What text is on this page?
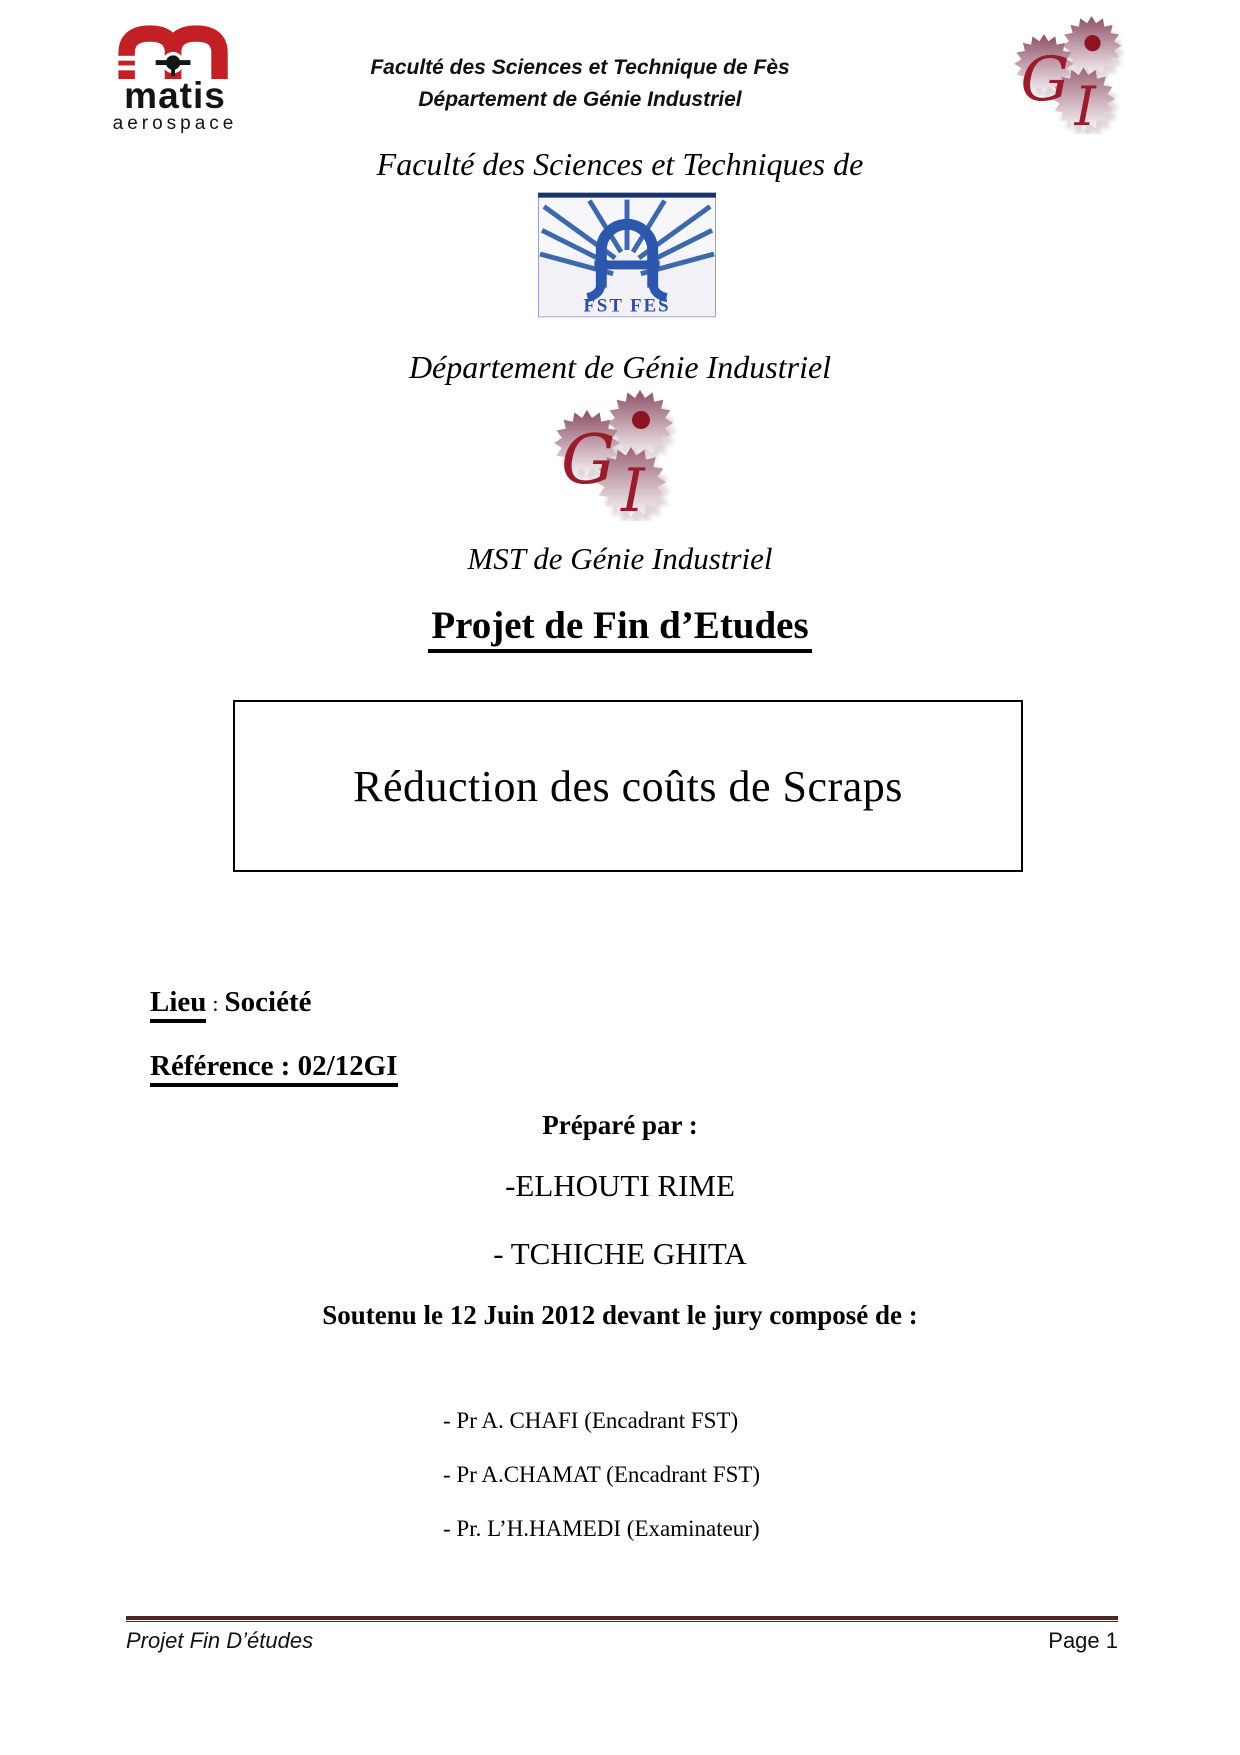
matis
aerospace
Faculté des Sciences et Technique de Fès
Département de Génie Industriel	G I
Faculté des Sciences et Techniques de
FST FES
Département de Génie Industriel
G I
MST de Génie Industriel
Projet de Fin d’Etudes
Réduction des coûts de Scraps
Lieu : Société
Référence : 02/12GI
Préparé par :
-ELHOUTI RIME
- TCHICHE GHITA
Soutenu le 12 Juin 2012 devant le jury composé de :
- Pr A. CHAFI (Encadrant FST)
- Pr A.CHAMAT (Encadrant FST)
- Pr. L’H.HAMEDI (Examinateur)
Projet Fin D’études	Page 1
